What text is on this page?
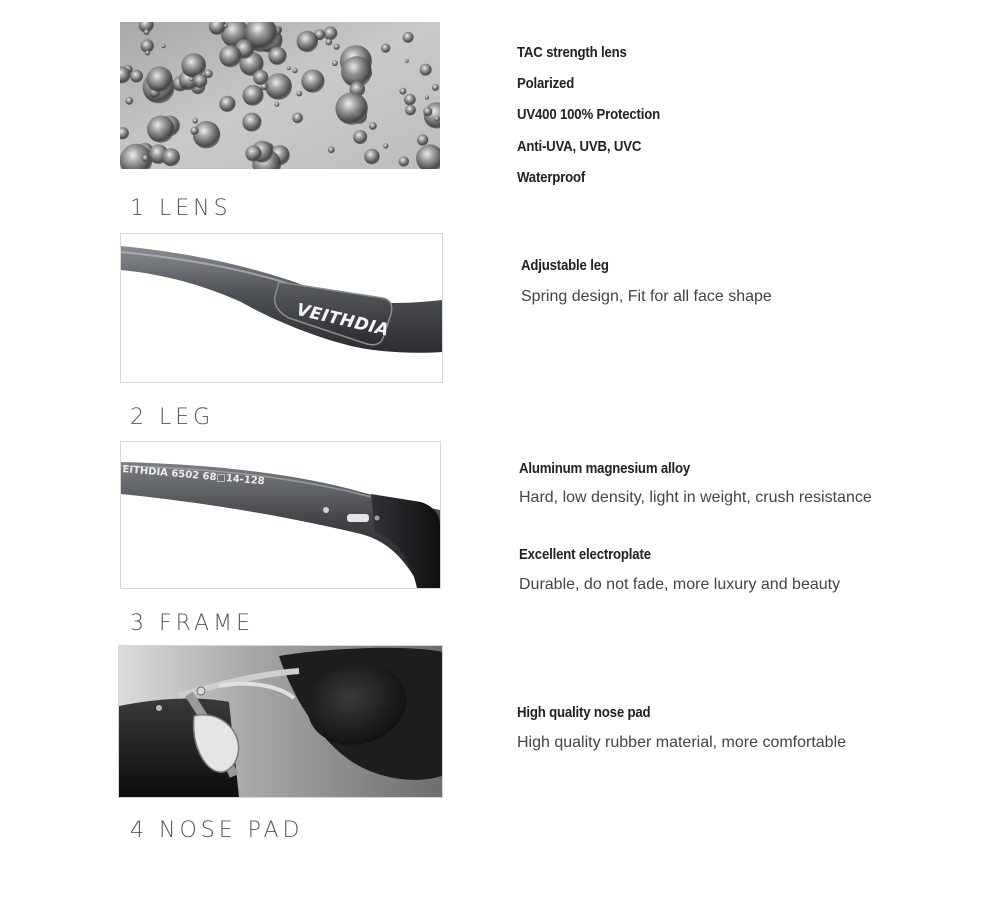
1 LENS
TAC strength lens
Polarized
UV400 100% Protection
Anti-UVA, UVB, UVC
Waterproof
VEITHDIA
2 LEG
Adjustable leg
Spring design, Fit for all face shape
EITHDIA 6502 68□14-128
3 FRAME
Aluminum magnesium alloy
Hard, low density, light in weight, crush resistance
Excellent electroplate
Durable, do not fade, more luxury and beauty
4 NOSE PAD
High quality nose pad
High quality rubber material, more comfortable
